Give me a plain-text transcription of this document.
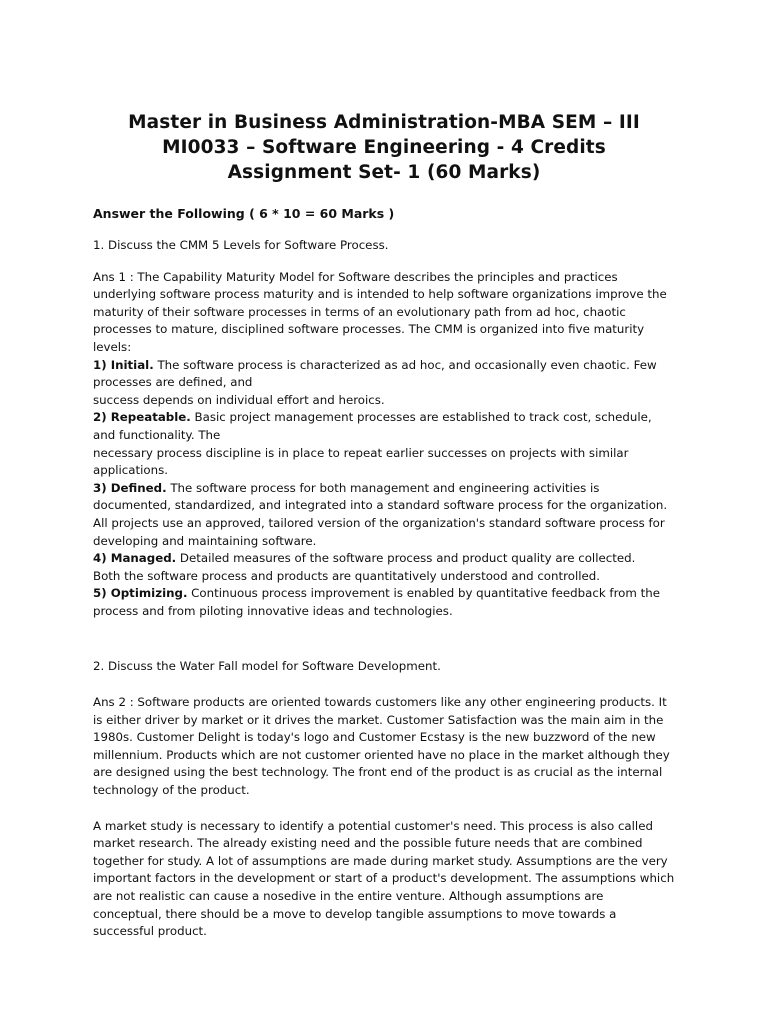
Master in Business Administration-MBA SEM – III

MI0033 – Software Engineering - 4 Credits

Assignment Set- 1 (60 Marks)

Answer the Following ( 6 * 10 = 60 Marks )

1. Discuss the CMM 5 Levels for Software Process.

Ans 1 : The Capability Maturity Model for Software describes the principles and practices underlying software process maturity and is intended to help software organizations improve the maturity of their software processes in terms of an evolutionary path from ad hoc, chaotic processes to mature, disciplined software processes. The CMM is organized into five maturity levels:

1) Initial. The software process is characterized as ad hoc, and occasionally even chaotic. Few processes are defined, and
success depends on individual effort and heroics.

2) Repeatable. Basic project management processes are established to track cost, schedule, and functionality. The
necessary process discipline is in place to repeat earlier successes on projects with similar applications.

3) Defined. The software process for both management and engineering activities is documented, standardized, and integrated into a standard software process for the organization. All projects use an approved, tailored version of the organization's standard software process for developing and maintaining software.

4) Managed. Detailed measures of the software process and product quality are collected.
Both the software process and products are quantitatively understood and controlled.

5) Optimizing. Continuous process improvement is enabled by quantitative feedback from the process and from piloting innovative ideas and technologies.

2. Discuss the Water Fall model for Software Development.

Ans 2 : Software products are oriented towards customers like any other engineering products. It is either driver by market or it drives the market. Customer Satisfaction was the main aim in the 1980s. Customer Delight is today's logo and Customer Ecstasy is the new buzzword of the new millennium. Products which are not customer oriented have no place in the market although they are designed using the best technology. The front end of the product is as crucial as the internal technology of the product.

A market study is necessary to identify a potential customer's need. This process is also called market research. The already existing need and the possible future needs that are combined together for study. A lot of assumptions are made during market study. Assumptions are the very important factors in the development or start of a product's development. The assumptions which are not realistic can cause a nosedive in the entire venture. Although assumptions are conceptual, there should be a move to develop tangible assumptions to move towards a successful product.
